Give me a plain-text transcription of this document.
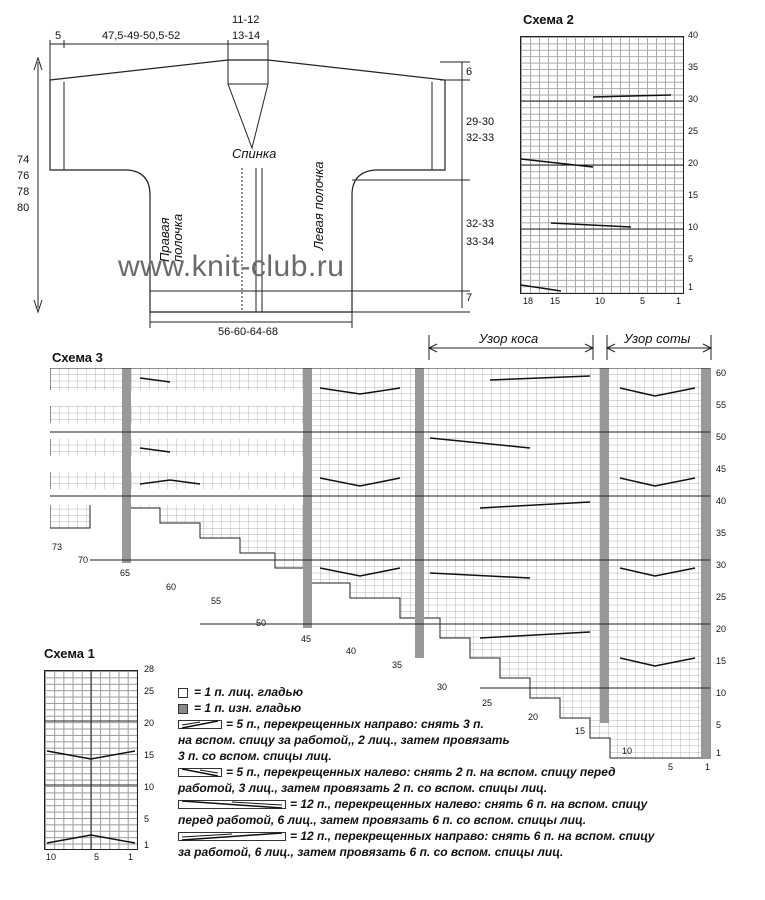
5	47,5-49-50,5-52
11-12
13-14
6
29-30
32-33
32-33
33-34
7
74
76
78
80
56-60-64-68
Спинка
Правая полочка	Левая полочка
www.knit-club.ru
Схема 2
40
35
30
25
20
15
10
5
1
18 15	10	5	1
Схема 3
Узор коса	Узор соты
60
55
50
45
40
35
30
25
20
15
10
5
1
73
70
65
60
55
50
45
40
35
30
25
20
15
10
5	1
Схема 1
28
25
20
15
10
5
1
10	5	1
= 1 п. лиц. гладью
= 1 п. изн. гладью
= 5 п., перекрещенных направо: снять 3 п.
на вспом. спицу за работой,, 2 лиц., затем провязать
3 п. со вспом. спицы лиц.
= 5 п., перекрещенных налево: снять 2 п. на вспом. спицу перед
работой, 3 лиц., затем провязать 2 п. со вспом. спицы лиц.
= 12 п., перекрещенных налево: снять 6 п. на вспом. спицу
перед работой, 6 лиц., затем провязать 6 п. со вспом. спицы лиц.
= 12 п., перекрещенных направо: снять 6 п. на вспом. спицу
за работой, 6 лиц., затем провязать 6 п. со вспом. спицы лиц.
